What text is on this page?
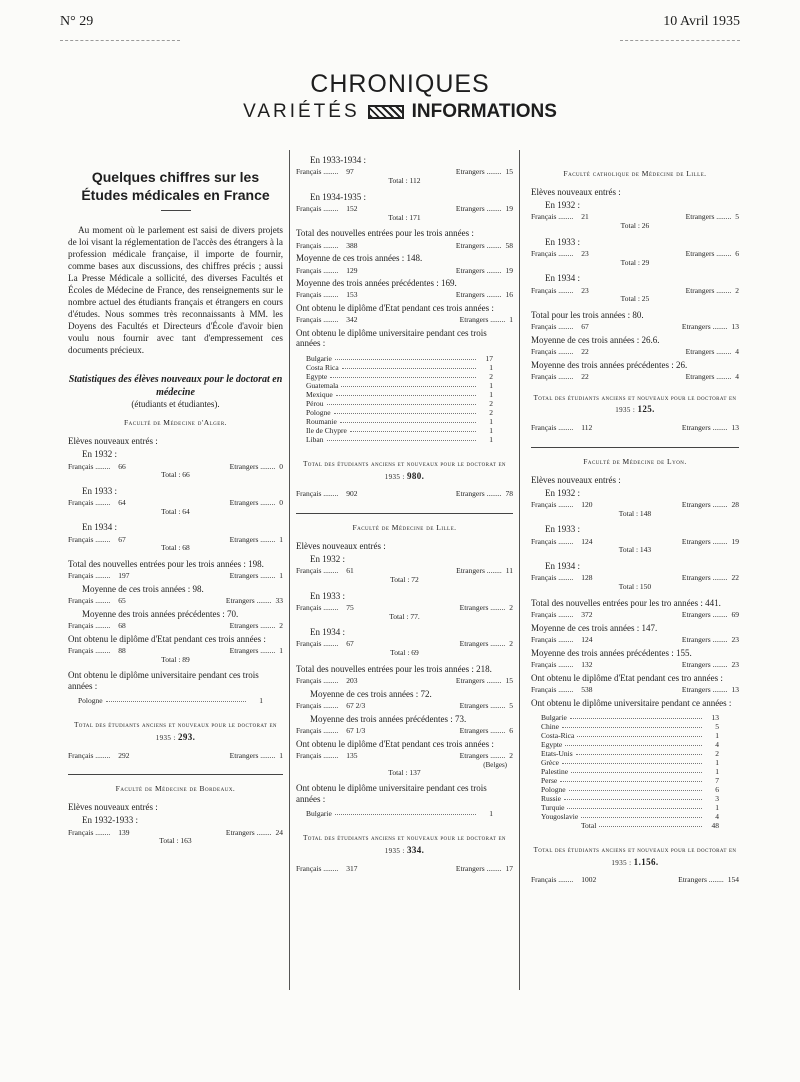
N° 29	10 Avril 1935
CHRONIQUES
VARIÉTÉS	INFORMATIONS
Quelques chiffres sur les Études médicales en France
Au moment où le parlement est saisi de divers projets de loi visant la réglementation de l'accès des étrangers à la profession médicale française, il importe de fournir, comme bases aux discussions, des chiffres précis ; aussi La Presse Médicale a sollicité, des diverses Facultés et Écoles de Médecine de France, des renseignements sur le nombre actuel des étudiants français et étrangers en cours d'études. Nous sommes très reconnaissants à MM. les Doyens des Facultés et Directeurs d'École d'avoir bien voulu nous fournir avec tant d'empressement ces documents précieux.
Statistiques des élèves nouveaux pour le doctorat en médecine
(étudiants et étudiantes).
Faculté de Médecine d'Alger.
Elèves nouveaux entrés :
En 1932 :
Français ........	66	Etrangers ........ 0
Total : 66
En 1933 :
Français ........	64	Etrangers ........ 0
Total : 64
En 1934 :
Français ........	67	Etrangers ........ 1
Total : 68
Total des nouvelles entrées pour les trois années : 198.
Français ........	197	Etrangers ........ 1
Moyenne de ces trois années : 98.
Français ........	65	Etrangers ........ 33
Moyenne des trois années précédentes : 70.
Français ........	68	Etrangers ........ 2
Ont obtenu le diplôme d'Etat pendant ces trois années :
Français ........	88	Etrangers ........ 1
Total : 89
Ont obtenu le diplôme universitaire pendant ces trois années :
Pologne	1
Total des étudiants anciens et nouveaux pour le doctorat en 1935 : 293.
Français ........	292	Etrangers ........ 1
Faculté de Médecine de Bordeaux.
Elèves nouveaux entrés :
En 1932-1933 :
Français ........	139	Etrangers ........ 24
Total : 163
En 1933-1934 :
Français ........	97	Etrangers ........ 15
Total : 112
En 1934-1935 :
Français ........	152	Etrangers ........ 19
Total : 171
Total des nouvelles entrées pour les trois années :
Français ........	388	Etrangers ........ 58
Moyenne de ces trois années : 148.
Français ........	129	Etrangers ........ 19
Moyenne des trois années précédentes : 169.
Français ........	153	Etrangers ........ 16
Ont obtenu le diplôme d'Etat pendant ces trois années :
Français ........	342	Etrangers ........ 1
Ont obtenu le diplôme universitaire pendant ces trois années :
Bulgarie	17
Costa Rica	1
Egypte	2
Guatemala	1
Mexique	1
Pérou	2
Pologne	2
Roumanie	1
Ile de Chypre	1
Liban	1
Total des étudiants anciens et nouveaux pour le doctorat en 1935 : 980.
Français ........	902	Etrangers ........ 78
Faculté de Médecine de Lille.
Elèves nouveaux entrés :
En 1932 :
Français ........	61	Etrangers ........ 11
Total : 72
En 1933 :
Français ........	75	Etrangers ........ 2
Total : 77.
En 1934 :
Français ........	67	Etrangers ........ 2
Total : 69
Total des nouvelles entrées pour les trois années : 218.
Français ........	203	Etrangers ........ 15
Moyenne de ces trois années : 72.
Français ........	67 2/3	Etrangers ........ 5
Moyenne des trois années précédentes : 73.
Français ........	67 1/3	Etrangers ........ 6
Ont obtenu le diplôme d'Etat pendant ces trois années :
Français ........	135	Etrangers ........ 2
(Belges)
Total : 137
Ont obtenu le diplôme universitaire pendant ces trois années :
Bulgarie	1
Total des étudiants anciens et nouveaux pour le doctorat en 1935 : 334.
Français ........	317	Etrangers ........ 17
Faculté catholique de Médecine de Lille.
Elèves nouveaux entrés :
En 1932 :
Français ........	21	Etrangers ........ 5
Total : 26
En 1933 :
Français ........	23	Etrangers ........ 6
Total : 29
En 1934 :
Français ........	23	Etrangers ........ 2
Total : 25
Total pour les trois années : 80.
Français ........	67	Etrangers ........ 13
Moyenne de ces trois années : 26.6.
Français ........	22	Etrangers ........ 4
Moyenne des trois années précédentes : 26.
Français ........	22	Etrangers ........ 4
Total des étudiants anciens et nouveaux pour le doctorat en 1935 : 125.
Français ........	112	Etrangers ........ 13
Faculté de Médecine de Lyon.
Elèves nouveaux entrés :
En 1932 :
Français ........	120	Etrangers ........ 28
Total : 148
En 1933 :
Français ........	124	Etrangers ........ 19
Total : 143
En 1934 :
Français ........	128	Etrangers ........ 22
Total : 150
Total des nouvelles entrées pour les tro années : 441.
Français ........	372	Etrangers ........ 69
Moyenne de ces trois années : 147.
Français ........	124	Etrangers ........ 23
Moyenne des trois années précédentes : 155.
Français ........	132	Etrangers ........ 23
Ont obtenu le diplôme d'Etat pendant ces tro années :
Français ........	538	Etrangers ........ 13
Ont obtenu le diplôme universitaire pendant ce années :
Bulgarie	13
Chine	5
Costa-Rica	1
Egypte	4
Etats-Unis	2
Grèce	1
Palestine	1
Perse	7
Pologne	6
Russie	3
Turquie	1
Yougoslavie	4
Total	48
Total des étudiants anciens et nouveaux pour le doctorat en 1935 : 1.156.
Français ........	1002	Etrangers ........ 154
